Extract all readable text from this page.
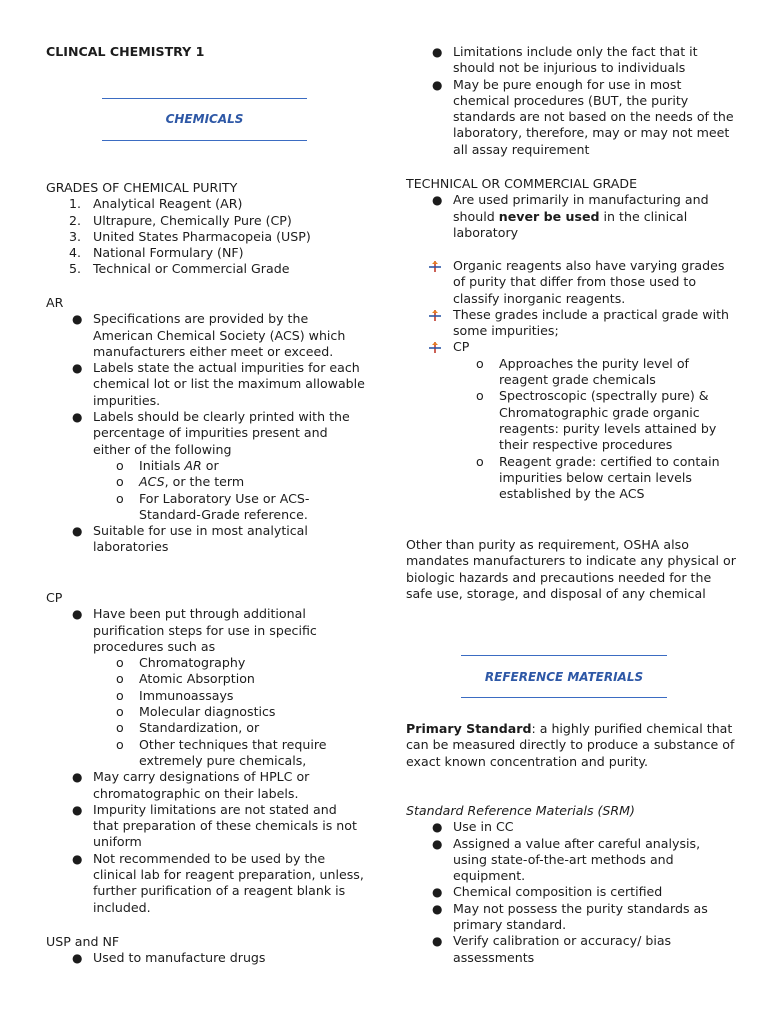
CLINCAL CHEMISTRY 1
CHEMICALS
GRADES OF CHEMICAL PURITY
1. Analytical Reagent (AR)
2. Ultrapure, Chemically Pure (CP)
3. United States Pharmacopeia (USP)
4. National Formulary (NF)
5. Technical or Commercial Grade
AR
● Specifications are provided by the American Chemical Society (ACS) which manufacturers either meet or exceed.
● Labels state the actual impurities for each chemical lot or list the maximum allowable impurities.
● Labels should be clearly printed with the percentage of impurities present and either of the following
o Initials AR or
o ACS, or the term
o For Laboratory Use or ACS-Standard-Grade reference.
● Suitable for use in most analytical laboratories
CP
● Have been put through additional purification steps for use in specific procedures such as
o Chromatography
o Atomic Absorption
o Immunoassays
o Molecular diagnostics
o Standardization, or
o Other techniques that require extremely pure chemicals,
● May carry designations of HPLC or chromatographic on their labels.
● Impurity limitations are not stated and that preparation of these chemicals is not uniform
● Not recommended to be used by the clinical lab for reagent preparation, unless, further purification of a reagent blank is included.
USP and NF
● Used to manufacture drugs
● Limitations include only the fact that it should not be injurious to individuals
● May be pure enough for use in most chemical procedures (BUT, the purity standards are not based on the needs of the laboratory, therefore, may or may not meet all assay requirement
TECHNICAL OR COMMERCIAL GRADE
● Are used primarily in manufacturing and should never be used in the clinical laboratory
Organic reagents also have varying grades of purity that differ from those used to classify inorganic reagents.
These grades include a practical grade with some impurities;
CP
o Approaches the purity level of reagent grade chemicals
o Spectroscopic (spectrally pure) & Chromatographic grade organic reagents: purity levels attained by their respective procedures
o Reagent grade: certified to contain impurities below certain levels established by the ACS
Other than purity as requirement, OSHA also mandates manufacturers to indicate any physical or biologic hazards and precautions needed for the safe use, storage, and disposal of any chemical
Primary Standard: a highly purified chemical that can be measured directly to produce a substance of exact known concentration and purity.
Standard Reference Materials (SRM)
● Use in CC
● Assigned a value after careful analysis, using state-of-the-art methods and equipment.
● Chemical composition is certified
● May not possess the purity standards as primary standard.
● Verify calibration or accuracy/ bias assessments
REFERENCE MATERIALS
